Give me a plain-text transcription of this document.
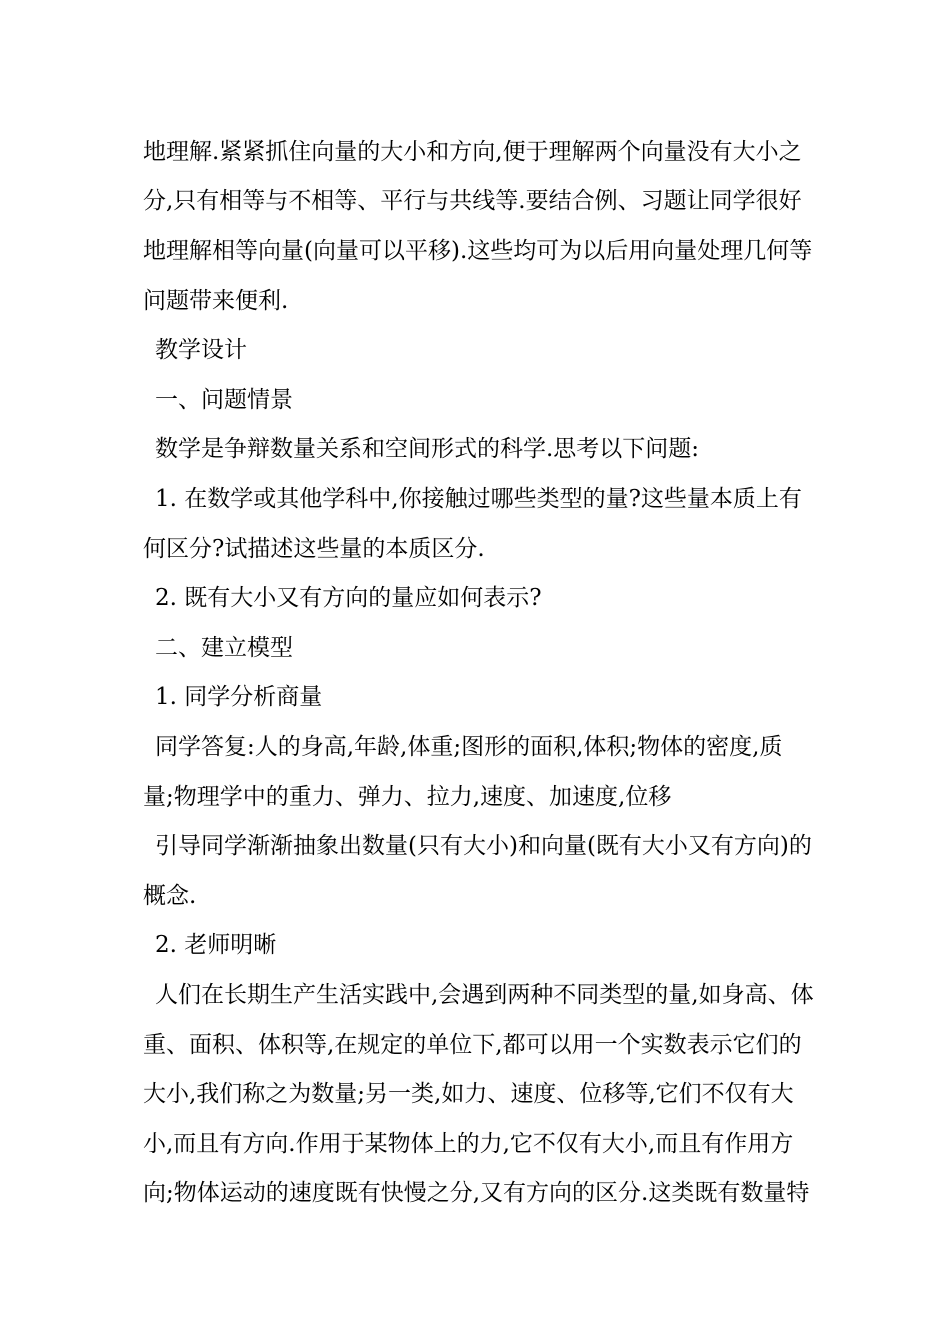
地理解.紧紧抓住向量的大小和方向,便于理解两个向量没有大小之
分,只有相等与不相等、平行与共线等.要结合例、习题让同学很好
地理解相等向量(向量可以平移).这些均可为以后用向量处理几何等
问题带来便利.
教学设计
一、问题情景
数学是争辩数量关系和空间形式的科学.思考以下问题:
1. 在数学或其他学科中,你接触过哪些类型的量?这些量本质上有
何区分?试描述这些量的本质区分.
2. 既有大小又有方向的量应如何表示?
二、建立模型
1. 同学分析商量
同学答复:人的身高,年龄,体重;图形的面积,体积;物体的密度,质
量;物理学中的重力、弹力、拉力,速度、加速度,位移
引导同学渐渐抽象出数量(只有大小)和向量(既有大小又有方向)的
概念.
2. 老师明晰
人们在长期生产生活实践中,会遇到两种不同类型的量,如身高、体
重、面积、体积等,在规定的单位下,都可以用一个实数表示它们的
大小,我们称之为数量;另一类,如力、速度、位移等,它们不仅有大
小,而且有方向.作用于某物体上的力,它不仅有大小,而且有作用方
向;物体运动的速度既有快慢之分,又有方向的区分.这类既有数量特
